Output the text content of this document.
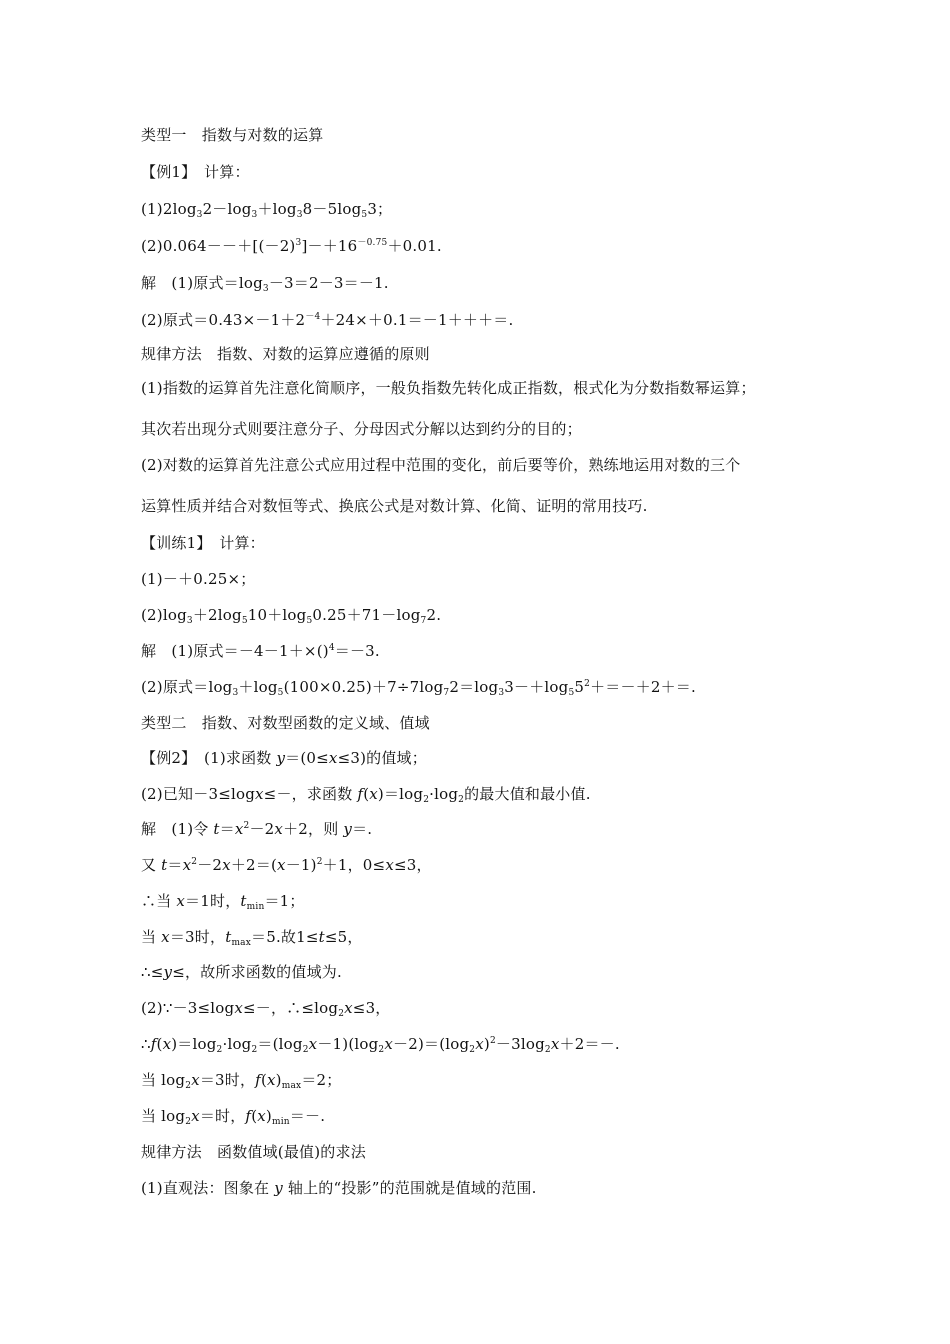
类型一　指数与对数的运算
【例1】　计算：
$(1)2\log_32-\log_3+\log_38-5\log_53$；
$(2)0.064--+[(-2)^3]-+16^{-0.75}+0.01$.
解　(1)原式$=\log_3-3=2-3=-1$.
(2)原式$=0.43\times-1+2^{-4}+24\times+0.1=-1+++=$.
规律方法　指数、对数的运算应遵循的原则
(1)指数的运算首先注意化简顺序，一般负指数先转化成正指数，根式化为分数指数幂运算；
其次若出现分式则要注意分子、分母因式分解以达到约分的目的；
(2)对数的运算首先注意公式应用过程中范围的变化，前后要等价，熟练地运用对数的三个
运算性质并结合对数恒等式、换底公式是对数计算、化简、证明的常用技巧.
【训练1】　计算：
(1)－＋0.25×；
$(2)\log_3+2\log_510+\log_50.25+71-\log_72$.
解　(1)原式＝－4－1＋×()$^4$＝－3.
(2)原式$=\log_3+\log_5(100\times 0.25)+7\div 7\log_72=\log_33-+\log_55^2+=-+2+=$.
类型二　指数、对数型函数的定义域、值域
【例2】　(1)求函数 y＝(0≤x≤3)的值域；
(2)已知－3≤logx≤－，求函数 $f(x)=\log_2\cdot\log_2$的最大值和最小值.
解　(1)令 $t=x^2-2x+2$，则 y＝.
又 $t=x^2-2x+2=(x-1)^2+1$，0≤x≤3，
∴当 x＝1时，$t_{min}=1$；
当 x＝3时，$t_{max}=5$.故1≤t≤5，
∴≤y≤，故所求函数的值域为.
(2)∵－3≤logx≤－，$\therefore\le\log_2x\le 3$，
$\therefore f(x)=\log_2\cdot\log_2=(\log_2x-1)(\log_2x-2)=(\log_2x)^2-3\log_2x+2=-$.
当 $\log_2x=3$时，$f(x)_{max}=2$；
当 $\log_2x=$时，$f(x)_{min}=-$.
规律方法　函数值域(最值)的求法
(1)直观法：图象在 y 轴上的“投影”的范围就是值域的范围.
